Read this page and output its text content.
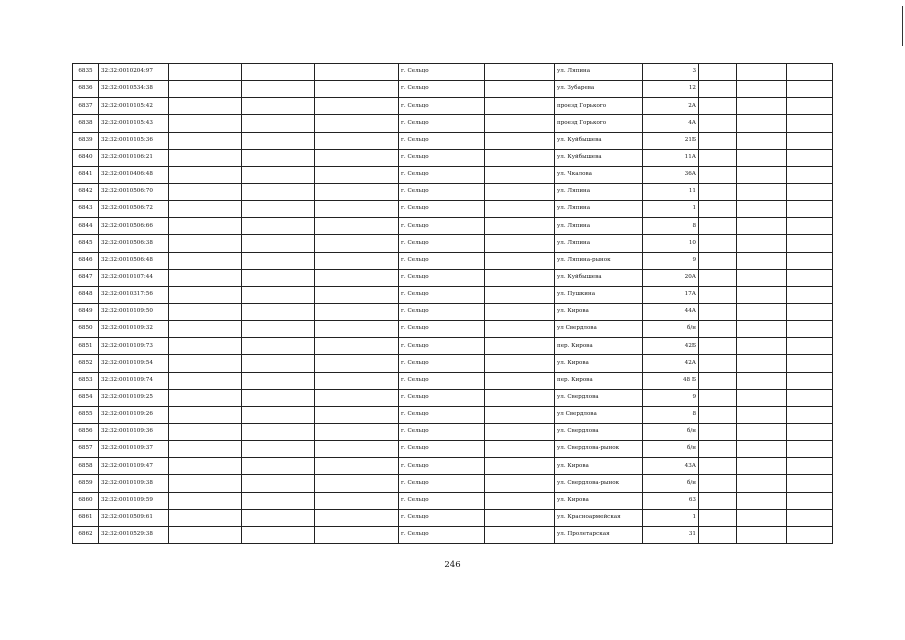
6835	32:32:0010204:97				г. Сельцо		ул. Ляпина	3			
6836	32:32:0010534:38				г. Сельцо		ул. Зубарева	12			
6837	32:32:0010105:42				г. Сельцо		проезд Горького	2А			
6838	32:32:0010105:43				г. Сельцо		проезд Горького	4А			
6839	32:32:0010105:36				г. Сельцо		ул. Куйбышева	21Б			
6840	32:32:0010106:21				г. Сельцо		ул. Куйбышева	11А			
6841	32:32:0010406:48				г. Сельцо		ул. Чкалова	36А			
6842	32:32:0010506:70				г. Сельцо		ул. Ляпина	11			
6843	32:32:0010506:72				г. Сельцо		ул. Ляпина	1			
6844	32:32:0010506:66				г. Сельцо		ул. Ляпина	8			
6845	32:32:0010506:38				г. Сельцо		ул. Ляпина	10			
6846	32:32:0010506:48				г. Сельцо		ул. Ляпина-рынок	9			
6847	32:32:0010107:44				г. Сельцо		ул. Куйбышева	20А			
6848	32:32:0010317:56				г. Сельцо		ул. Пушкина	17А			
6849	32:32:0010109:50				г. Сельцо		ул. Кирова	44А			
6850	32:32:0010109:32				г. Сельцо		ул Свердлова	б/н			
6851	32:32:0010109:73				г. Сельцо		пер. Кирова	42Б			
6852	32:32:0010109:54				г. Сельцо		ул. Кирова	42А			
6853	32:32:0010109:74				г. Сельцо		пер. Кирова	48 Б			
6854	32:32:0010109:25				г. Сельцо		ул. Свердлова	9			
6855	32:32:0010109:26				г. Сельцо		ул Свердлова	8			
6856	32:32:0010109:36				г. Сельцо		ул. Свердлова	б/н			
6857	32:32:0010109:37				г. Сельцо		ул. Свердлова-рынок	б/н			
6858	32:32:0010109:47				г. Сельцо		ул. Кирова	43А			
6859	32:32:0010109:38				г. Сельцо		ул. Свердлова-рынок	б/н			
6860	32:32:0010109:59				г. Сельцо		ул. Кирова	63			
6861	32:32:0010509:61				г. Сельцо		ул. Красноармейская	1			
6862	32:32:0010529:38				г. Сельцо		ул. Пролетарская	31			
246
